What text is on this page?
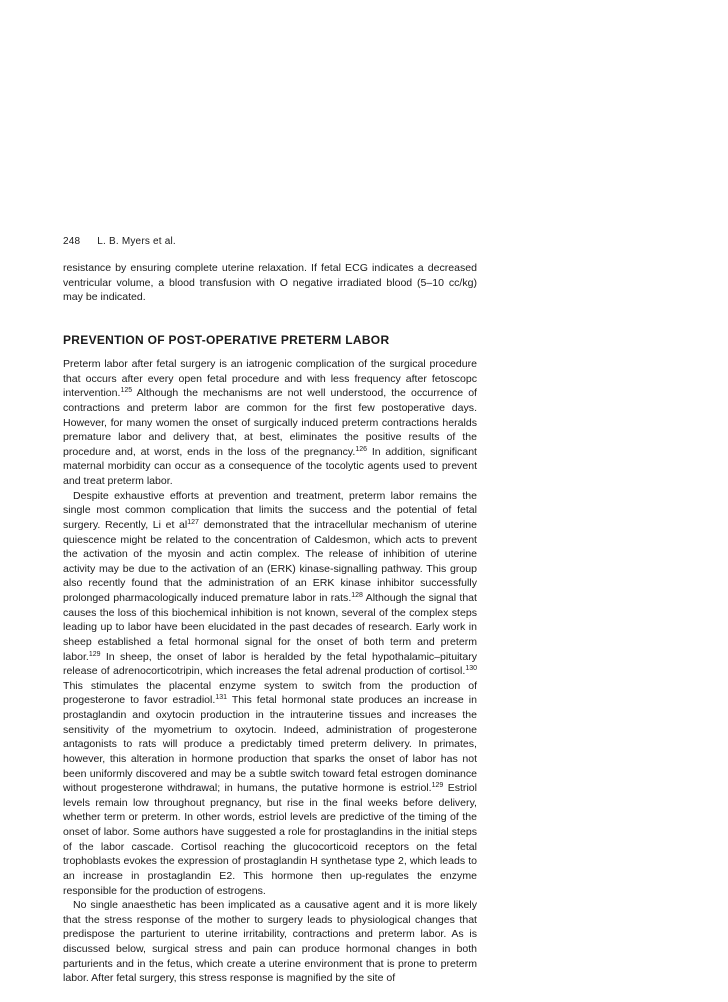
248 L. B. Myers et al.

resistance by ensuring complete uterine relaxation. If fetal ECG indicates a decreased ventricular volume, a blood transfusion with O negative irradiated blood (5–10 cc/kg) may be indicated.

PREVENTION OF POST-OPERATIVE PRETERM LABOR

Preterm labor after fetal surgery is an iatrogenic complication of the surgical procedure that occurs after every open fetal procedure and with less frequency after fetoscopc intervention.$^{125}$ Although the mechanisms are not well understood, the occurrence of contractions and preterm labor are common for the first few postoperative days. However, for many women the onset of surgically induced preterm contractions heralds premature labor and delivery that, at best, eliminates the positive results of the procedure and, at worst, ends in the loss of the pregnancy.$^{126}$ In addition, significant maternal morbidity can occur as a consequence of the tocolytic agents used to prevent and treat preterm labor.

Despite exhaustive efforts at prevention and treatment, preterm labor remains the single most common complication that limits the success and the potential of fetal surgery. Recently, Li et $al^{127}$ demonstrated that the intracellular mechanism of uterine quiescence might be related to the concentration of Caldesmon, which acts to prevent the activation of the myosin and actin complex. The release of inhibition of uterine activity may be due to the activation of an (ERK) kinase-signalling pathway. This group also recently found that the administration of an ERK kinase inhibitor successfully prolonged pharmacologically induced premature labor in rats.$^{128}$ Although the signal that causes the loss of this biochemical inhibition is not known, several of the complex steps leading up to labor have been elucidated in the past decades of research. Early work in sheep established a fetal hormonal signal for the onset of both term and preterm labor.$^{129}$ In sheep, the onset of labor is heralded by the fetal hypothalamic–pituitary release of adrenocorticotripin, which increases the fetal adrenal production of cortisol.$^{130}$ This stimulates the placental enzyme system to switch from the production of progesterone to favor estradiol.$^{131}$ This fetal hormonal state produces an increase in prostaglandin and oxytocin production in the intrauterine tissues and increases the sensitivity of the myometrium to oxytocin. Indeed, administration of progesterone antagonists to rats will produce a predictably timed preterm delivery. In primates, however, this alteration in hormone production that sparks the onset of labor has not been uniformly discovered and may be a subtle switch toward fetal estrogen dominance without progesterone withdrawal; in humans, the putative hormone is estriol.$^{129}$ Estriol levels remain low throughout pregnancy, but rise in the final weeks before delivery, whether term or preterm. In other words, estriol levels are predictive of the timing of the onset of labor. Some authors have suggested a role for prostaglandins in the initial steps of the labor cascade. Cortisol reaching the glucocorticoid receptors on the fetal trophoblasts evokes the expression of prostaglandin H synthetase type 2, which leads to an increase in prostaglandin E2. This hormone then up-regulates the enzyme responsible for the production of estrogens.

No single anaesthetic has been implicated as a causative agent and it is more likely that the stress response of the mother to surgery leads to physiological changes that predispose the parturient to uterine irritability, contractions and preterm labor. As is discussed below, surgical stress and pain can produce hormonal changes in both parturients and in the fetus, which create a uterine environment that is prone to preterm labor. After fetal surgery, this stress response is magnified by the site of
